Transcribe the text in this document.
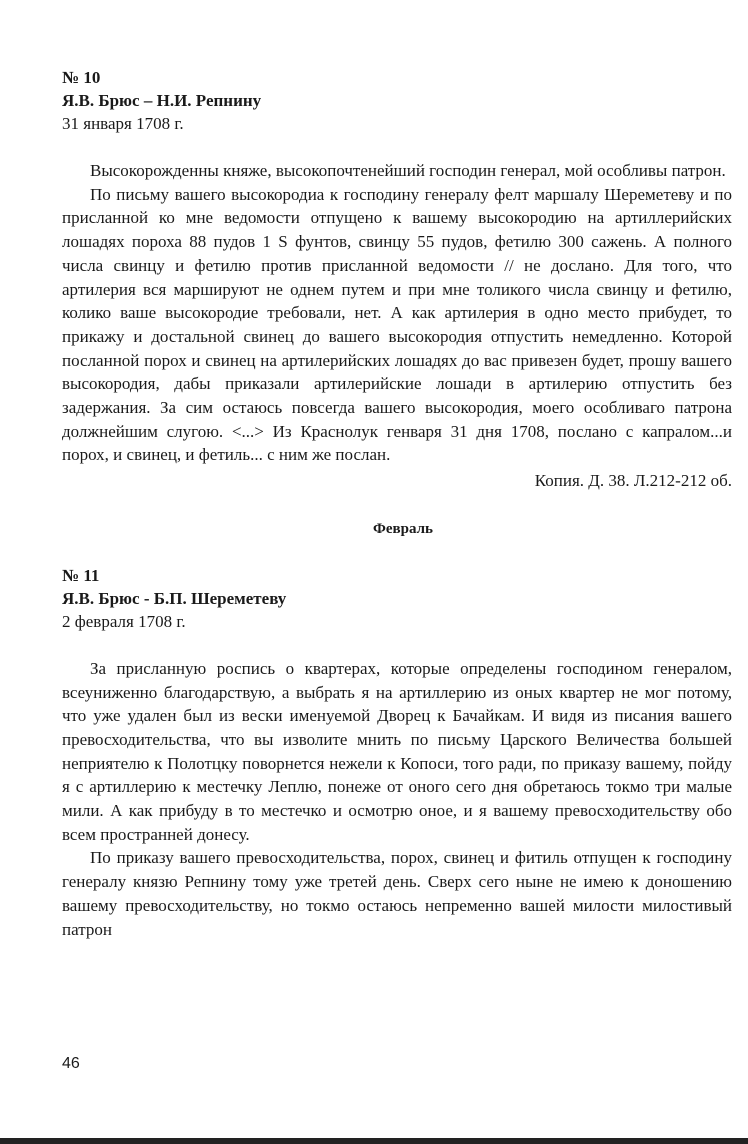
№ 10
Я.В. Брюс – Н.И. Репнину
31 января 1708 г.

Высокорожденны княже, высокопочтенейший господин генерал, мой особливы патрон.

По письму вашего высокородиа к господину генералу фелт маршалу Шереметеву и по присланной ко мне ведомости отпущено к вашему высокородию на артиллерийских лошадях пороха 88 пудов 1 S фунтов, свинцу 55 пудов, фетилю 300 сажень. А полного числа свинцу и фетилю против присланной ведомости // не дослано. Для того, что артилерия вся маршируют не однем путем и при мне толикого числа свинцу и фетилю, колико ваше высокородие требовали, нет. А как артилерия в одно место прибудет, то прикажу и достальной свинец до вашего высокородия отпустить немедленно. Которой посланной порох и свинец на артилерийских лошадях до вас привезен будет, прошу вашего высокородия, дабы приказали артилерийские лошади в артилерию отпустить без задержания. За сим остаюсь повсегда вашего высокородия, моего особливаго патрона должнейшим слугою. <...> Из Краснолук генваря 31 дня 1708, послано с капралом...и порох, и свинец, и фетиль... с ним же послан.

Копия. Д. 38. Л.212-212 об.
Февраль
№ 11
Я.В. Брюс - Б.П. Шереметеву
2 февраля 1708 г.

За присланную роспись о квартерах, которые определены господином генералом, всеуниженно благодарствую, а выбрать я на артиллерию из оных квартер не мог потому, что уже удален был из вески именуемой Дворец к Бачайкам. И видя из писания вашего превосходительства, что вы изволите мнить по письму Царского Величества большей неприятелю к Полотцку поворнется нежели к Копоси, того ради, по приказу вашему, пойду я с артиллерию к местечку Леплю, понеже от оного сего дня обретаюсь токмо три малые мили. А как прибуду в то местечко и осмотрю оное, и я вашему превосходительству обо всем пространней донесу.

По приказу вашего превосходительства, порох, свинец и фитиль отпущен к господину генералу князю Репнину тому уже третей день. Сверх сего ныне не имею к доношению вашему превосходительству, но токмо остаюсь непременно вашей милости милостивый патрон

46
